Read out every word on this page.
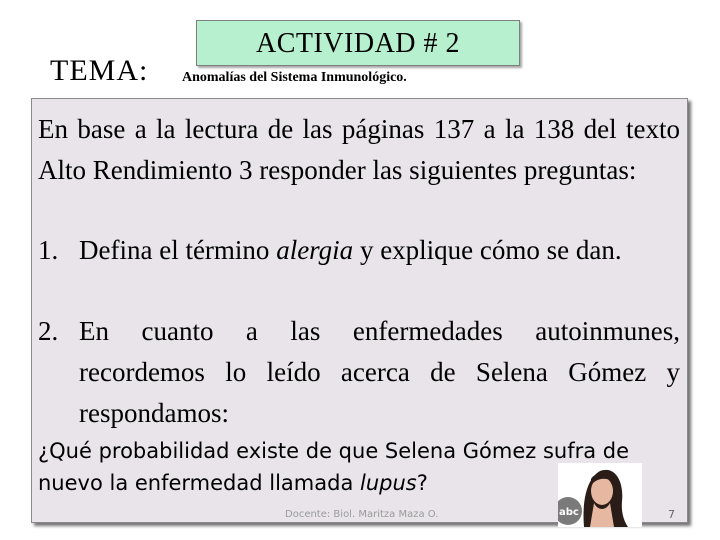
ACTIVIDAD # 2
TEMA: Anomalías del Sistema Inmunológico.
En base a la lectura de las páginas 137 a la 138 del texto Alto Rendimiento 3 responder las siguientes preguntas:
1. Defina el término alergia y explique cómo se dan.
2. En cuanto a las enfermedades autoinmunes, recordemos lo leído acerca de Selena Gómez y respondamos:
¿Qué probabilidad existe de que Selena Gómez sufra de nuevo la enfermedad llamada lupus?
abc
Docente: Biol. Maritza Maza O.	7
